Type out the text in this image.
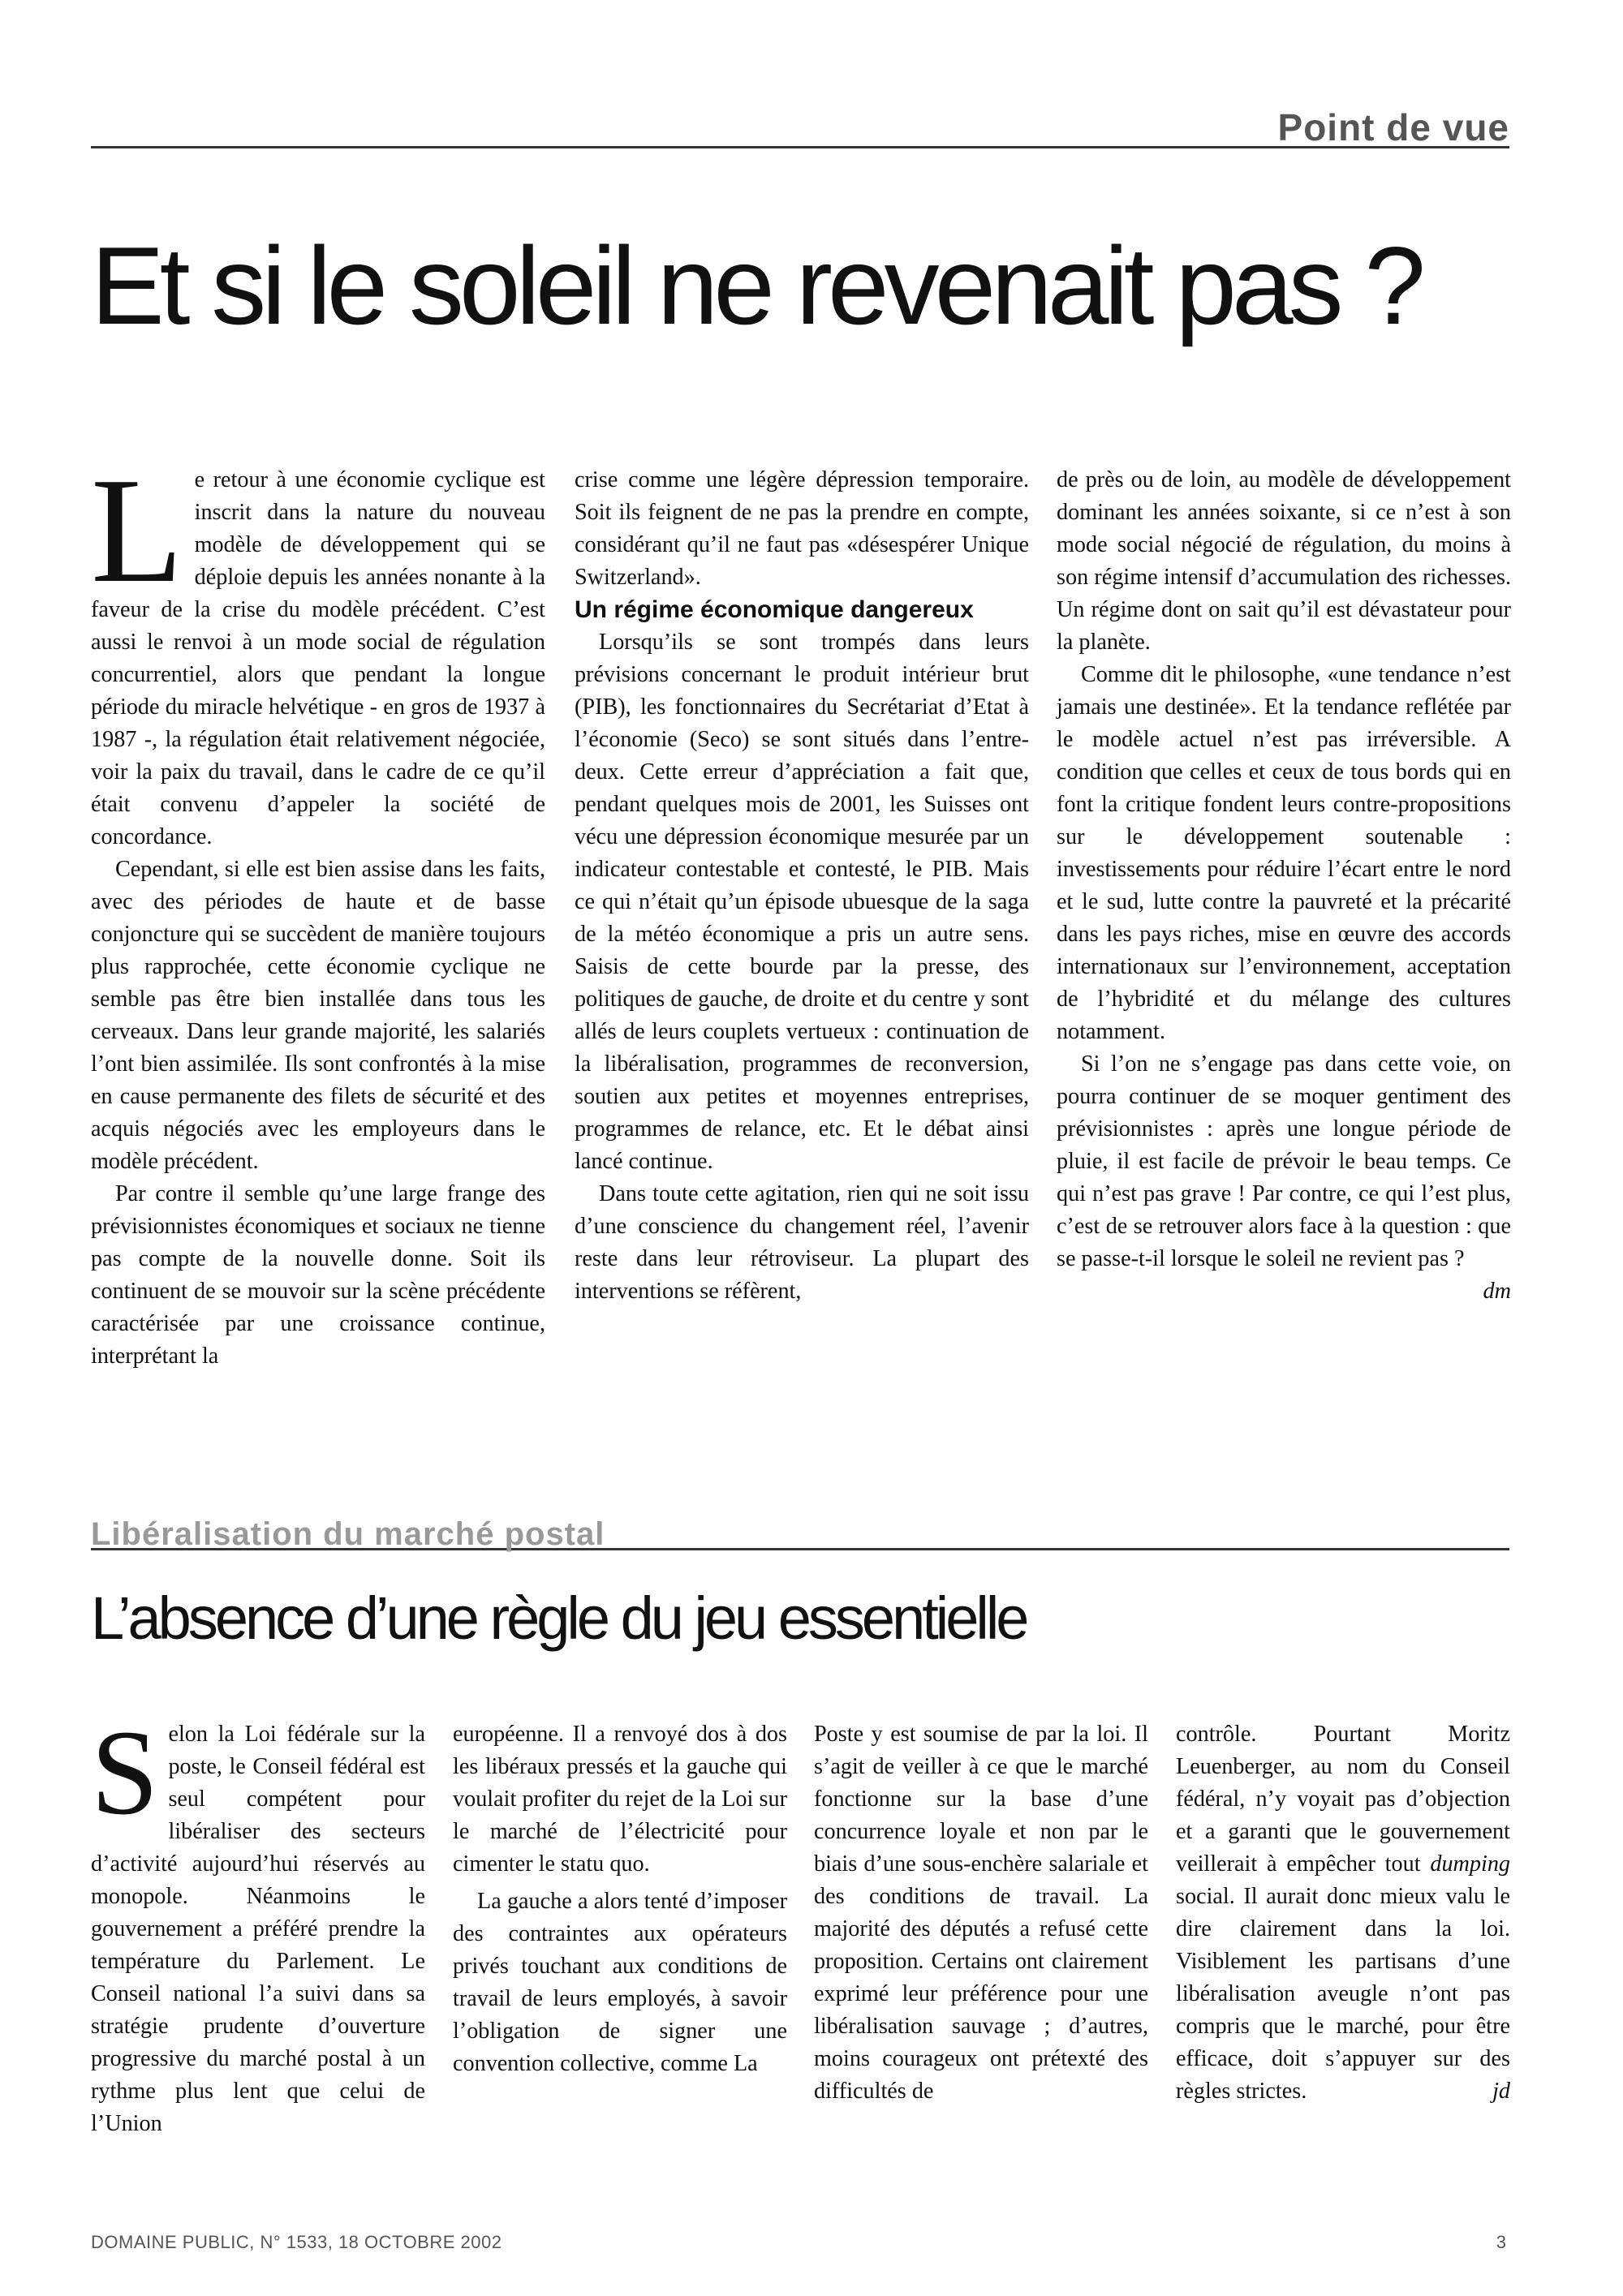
Point de vue
Et si le soleil ne revenait pas ?
L e retour à une économie cyclique est inscrit dans la nature du nouveau modèle de développement qui se déploie depuis les années nonante à la faveur de la crise du modèle précédent. C’est aussi le renvoi à un mode social de régulation concurrentiel, alors que pendant la longue période du miracle helvétique - en gros de 1937 à 1987 -, la régulation était relativement négociée, voir la paix du travail, dans le cadre de ce qu’il était convenu d’appeler la société de concordance.

Cependant, si elle est bien assise dans les faits, avec des périodes de haute et de basse conjoncture qui se succèdent de manière toujours plus rapprochée, cette économie cyclique ne semble pas être bien installée dans tous les cerveaux. Dans leur grande majorité, les salariés l’ont bien assimilée. Ils sont confrontés à la mise en cause permanente des filets de sécurité et des acquis négociés avec les employeurs dans le modèle précédent.

Par contre il semble qu’une large frange des prévisionnistes économiques et sociaux ne tienne pas compte de la nouvelle donne. Soit ils continuent de se mouvoir sur la scène précédente caractérisée par une croissance continue, interprétant la

crise comme une légère dépression temporaire. Soit ils feignent de ne pas la prendre en compte, considérant qu’il ne faut pas «désespérer Unique Switzerland».

Un régime économique dangereux

Lorsqu’ils se sont trompés dans leurs prévisions concernant le produit intérieur brut (PIB), les fonctionnaires du Secrétariat d’Etat à l’économie (Seco) se sont situés dans l’entre-deux. Cette erreur d’appréciation a fait que, pendant quelques mois de 2001, les Suisses ont vécu une dépression économique mesurée par un indicateur contestable et contesté, le PIB. Mais ce qui n’était qu’un épisode ubuesque de la saga de la météo économique a pris un autre sens. Saisis de cette bourde par la presse, des politiques de gauche, de droite et du centre y sont allés de leurs couplets vertueux : continuation de la libéralisation, programmes de reconversion, soutien aux petites et moyennes entreprises, programmes de relance, etc. Et le débat ainsi lancé continue.

Dans toute cette agitation, rien qui ne soit issu d’une conscience du changement réel, l’avenir reste dans leur rétroviseur. La plupart des interventions se réfèrent,

de près ou de loin, au modèle de développement dominant les années soixante, si ce n’est à son mode social négocié de régulation, du moins à son régime intensif d’accumulation des richesses. Un régime dont on sait qu’il est dévastateur pour la planète.

Comme dit le philosophe, «une tendance n’est jamais une destinée». Et la tendance reflétée par le modèle actuel n’est pas irréversible. A condition que celles et ceux de tous bords qui en font la critique fondent leurs contre-propositions sur le développement soutenable : investissements pour réduire l’écart entre le nord et le sud, lutte contre la pauvreté et la précarité dans les pays riches, mise en œuvre des accords internationaux sur l’environnement, acceptation de l’hybridité et du mélange des cultures notamment.

Si l’on ne s’engage pas dans cette voie, on pourra continuer de se moquer gentiment des prévisionnistes : après une longue période de pluie, il est facile de prévoir le beau temps. Ce qui n’est pas grave ! Par contre, ce qui l’est plus, c’est de se retrouver alors face à la question : que se passe-t-il lorsque le soleil ne revient pas ?
dm

Libéralisation du marché postal
L’absence d’une règle du jeu essentielle
S elon la Loi fédérale sur la poste, le Conseil fédéral est seul compétent pour libéraliser des secteurs d’activité aujourd’hui réservés au monopole. Néanmoins le gouvernement a préféré prendre la température du Parlement. Le Conseil national l’a suivi dans sa stratégie prudente d’ouverture progressive du marché postal à un rythme plus lent que celui de l’Union

européenne. Il a renvoyé dos à dos les libéraux pressés et la gauche qui voulait profiter du rejet de la Loi sur le marché de l’électricité pour cimenter le statu quo.

La gauche a alors tenté d’imposer des contraintes aux opérateurs privés touchant aux conditions de travail de leurs employés, à savoir l’obligation de signer une convention collective, comme La

Poste y est soumise de par la loi. Il s’agit de veiller à ce que le marché fonctionne sur la base d’une concurrence loyale et non par le biais d’une sous-enchère salariale et des conditions de travail. La majorité des députés a refusé cette proposition. Certains ont clairement exprimé leur préférence pour une libéralisation sauvage ; d’autres, moins courageux ont prétexté des difficultés de

contrôle. Pourtant Moritz Leuenberger, au nom du Conseil fédéral, n’y voyait pas d’objection et a garanti que le gouvernement veillerait à empêcher tout dumping social. Il aurait donc mieux valu le dire clairement dans la loi. Visiblement les partisans d’une libéralisation aveugle n’ont pas compris que le marché, pour être efficace, doit s’appuyer sur des règles strictes.	jd

DOMAINE PUBLIC, N° 1533, 18 OCTOBRE 2002	3
